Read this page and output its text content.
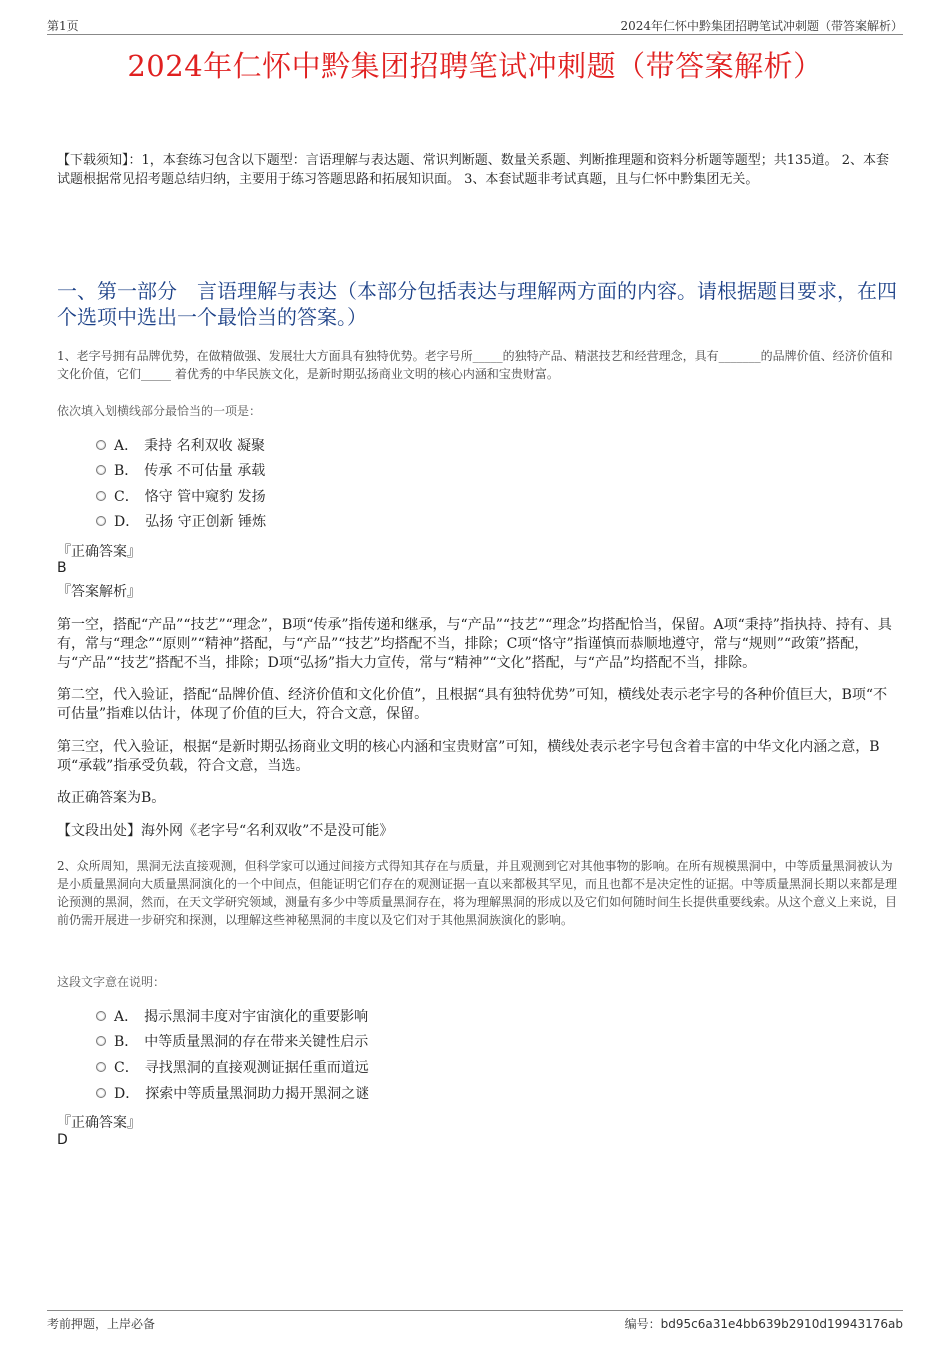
第1页	2024年仁怀中黔集团招聘笔试冲刺题（带答案解析）
2024年仁怀中黔集团招聘笔试冲刺题（带答案解析）
【下载须知】：1，本套练习包含以下题型：言语理解与表达题、常识判断题、数量关系题、判断推理题和资料分析题等题型；共135道。 2、本套试题根据常见招考题总结归纳，主要用于练习答题思路和拓展知识面。 3、本套试题非考试真题，且与仁怀中黔集团无关。
一、第一部分　言语理解与表达（本部分包括表达与理解两方面的内容。请根据题目要求，在四个选项中选出一个最恰当的答案。）
1、老字号拥有品牌优势，在做精做强、发展壮大方面具有独特优势。老字号所_____的独特产品、精湛技艺和经营理念，具有_______的品牌价值、经济价值和文化价值，它们_____ 着优秀的中华民族文化，是新时期弘扬商业文明的核心内涵和宝贵财富。
依次填入划横线部分最恰当的一项是：
A． 秉持 名利双收 凝聚
B． 传承 不可估量 承载
C． 恪守 管中窥豹 发扬
D． 弘扬 守正创新 锤炼
『正确答案』
B
『答案解析』
第一空，搭配“产品”“技艺”“理念”，B项“传承”指传递和继承，与“产品”“技艺”“理念”均搭配恰当，保留。A项“秉持”指执持、持有、具有，常与“理念”“原则”“精神”搭配，与“产品”“技艺”均搭配不当，排除；C项“恪守”指谨慎而恭顺地遵守，常与“规则”“政策”搭配，与“产品”“技艺”搭配不当，排除；D项“弘扬”指大力宣传，常与“精神”“文化”搭配，与“产品”均搭配不当，排除。
第二空，代入验证，搭配“品牌价值、经济价值和文化价值”，且根据“具有独特优势”可知，横线处表示老字号的各种价值巨大，B项“不可估量”指难以估计，体现了价值的巨大，符合文意，保留。
第三空，代入验证，根据“是新时期弘扬商业文明的核心内涵和宝贵财富”可知，横线处表示老字号包含着丰富的中华文化内涵之意，B项“承载”指承受负载，符合文意，当选。
故正确答案为B。
【文段出处】海外网《老字号“名利双收”不是没可能》
2、众所周知，黑洞无法直接观测，但科学家可以通过间接方式得知其存在与质量，并且观测到它对其他事物的影响。在所有规模黑洞中，中等质量黑洞被认为是小质量黑洞向大质量黑洞演化的一个中间点，但能证明它们存在的观测证据一直以来都极其罕见，而且也都不是决定性的证据。中等质量黑洞长期以来都是理论预测的黑洞，然而，在天文学研究领域，测量有多少中等质量黑洞存在，将为理解黑洞的形成以及它们如何随时间生长提供重要线索。从这个意义上来说，目前仍需开展进一步研究和探测，以理解这些神秘黑洞的丰度以及它们对于其他黑洞族演化的影响。
这段文字意在说明：
A． 揭示黑洞丰度对宇宙演化的重要影响
B． 中等质量黑洞的存在带来关键性启示
C． 寻找黑洞的直接观测证据任重而道远
D． 探索中等质量黑洞助力揭开黑洞之谜
『正确答案』
D
考前押题，上岸必备	编号：bd95c6a31e4bb639b2910d19943176ab
